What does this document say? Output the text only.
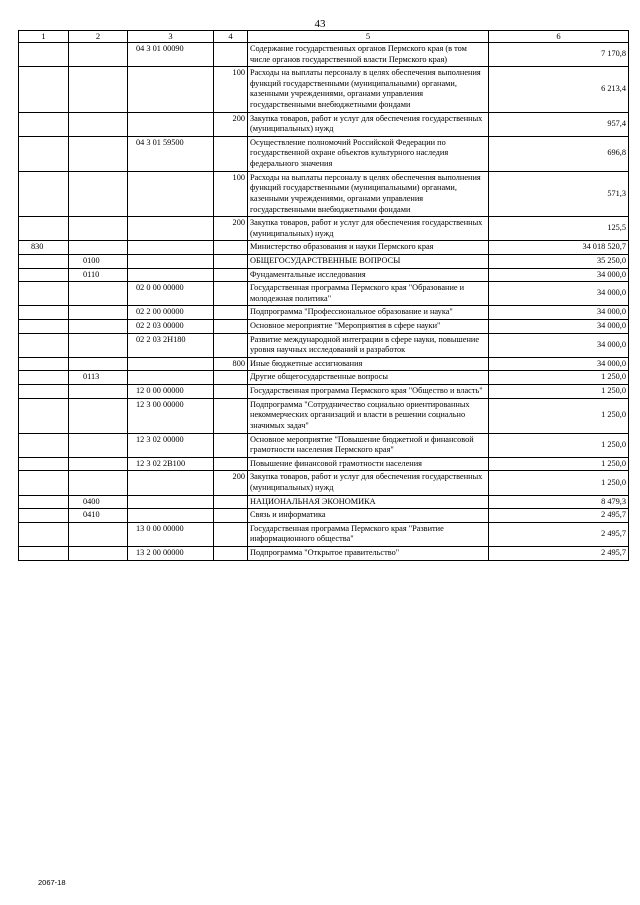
43
1	2	3	4	5	6
		04 3 01 00090		Содержание государственных органов Пермского края (в том числе органов государственной власти Пермского края)	7 170,8
			100	Расходы на выплаты персоналу в целях обеспечения выполнения функций государственными (муниципальными) органами, казенными учреждениями, органами управления государственными внебюджетными фондами	6 213,4
			200	Закупка товаров, работ и услуг для обеспечения государственных (муниципальных) нужд	957,4
		04 3 01 59500		Осуществление полномочий Российской Федерации по государственной охране объектов культурного наследия федерального значения	696,8
			100	Расходы на выплаты персоналу в целях обеспечения выполнения функций государственными (муниципальными) органами, казенными учреждениями, органами управления государственными внебюджетными фондами	571,3
			200	Закупка товаров, работ и услуг для обеспечения государственных (муниципальных) нужд	125,5
830				Министерство образования и науки Пермского края	34 018 520,7
	0100			ОБЩЕГОСУДАРСТВЕННЫЕ ВОПРОСЫ	35 250,0
	0110			Фундаментальные исследования	34 000,0
		02 0 00 00000		Государственная программа Пермского края "Образование и молодежная политика"	34 000,0
		02 2 00 00000		Подпрограмма "Профессиональное образование и наука"	34 000,0
		02 2 03 00000		Основное мероприятие "Мероприятия в сфере науки"	34 000,0
		02 2 03 2Н180		Развитие международной интеграции в сфере науки, повышение уровня научных исследований и разработок	34 000,0
			800	Иные бюджетные ассигнования	34 000,0
	0113			Другие общегосударственные вопросы	1 250,0
		12 0 00 00000		Государственная программа Пермского края "Общество и власть"	1 250,0
		12 3 00 00000		Подпрограмма "Сотрудничество социально ориентированных некоммерческих организаций и власти в решении социально значимых задач"	1 250,0
		12 3 02 00000		Основное мероприятие "Повышение бюджетной и финансовой грамотности населения Пермского края"	1 250,0
		12 3 02 2В100		Повышение финансовой грамотности населения	1 250,0
			200	Закупка товаров, работ и услуг для обеспечения государственных (муниципальных) нужд	1 250,0
	0400			НАЦИОНАЛЬНАЯ ЭКОНОМИКА	8 479,3
	0410			Связь и информатика	2 495,7
		13 0 00 00000		Государственная программа Пермского края "Развитие информационного общества"	2 495,7
		13 2 00 00000		Подпрограмма "Открытое правительство"	2 495,7
2067-18
